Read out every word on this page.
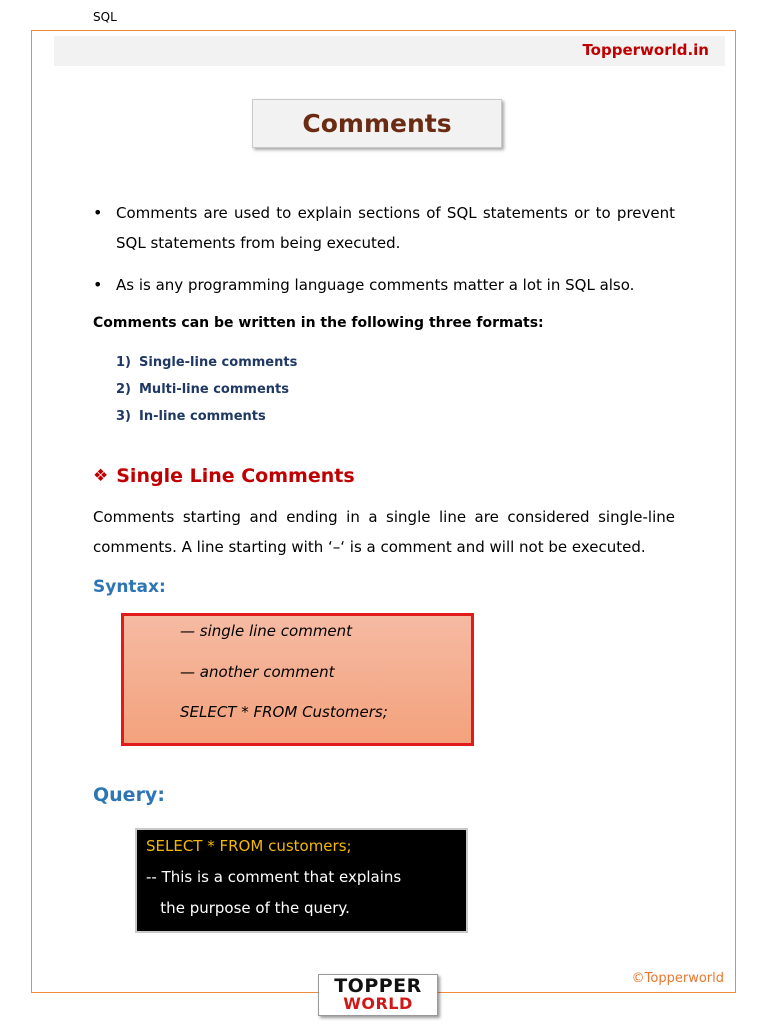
SQL
Topperworld.in
Comments
• Comments are used to explain sections of SQL statements or to prevent SQL statements from being executed.
• As is any programming language comments matter a lot in SQL also.
Comments can be written in the following three formats:
1) Single-line comments
2) Multi-line comments
3) In-line comments
❖ Single Line Comments
Comments starting and ending in a single line are considered single-line comments. A line starting with ‘–‘ is a comment and will not be executed.
Syntax:
— single line comment
— another comment
SELECT * FROM Customers;
Query:
SELECT * FROM customers;
-- This is a comment that explains
the purpose of the query.
©Topperworld
TOPPER
WORLD
